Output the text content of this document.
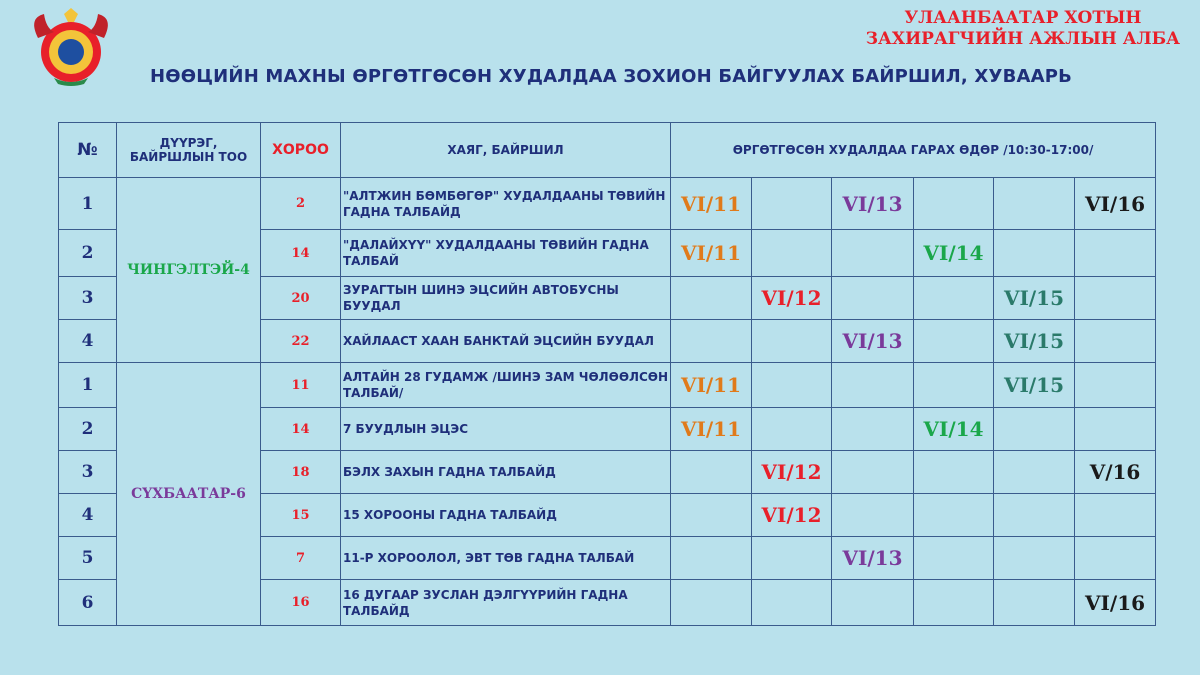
УЛААНБААТАР ХОТЫН
ЗАХИРАГЧИЙН АЖЛЫН АЛБА
НӨӨЦИЙН МАХНЫ ӨРГӨТГӨСӨН ХУДАЛДАА ЗОХИОН БАЙГУУЛАХ БАЙРШИЛ, ХУВААРЬ
№	ДҮҮРЭГ, БАЙРШЛЫН ТОО	ХОРОО	ХАЯГ, БАЙРШИЛ	ӨРГӨТГӨСӨН ХУДАЛДАА ГАРАХ ӨДӨР /10:30-17:00/					
1	ЧИНГЭЛТЭЙ-4	2	"АЛТЖИН БӨМБӨГӨР" ХУДАЛДААНЫ ТӨВИЙН ГАДНА ТАЛБАЙД	VI/11		VI/13			VI/16
2		14	"ДАЛАЙХҮҮ" ХУДАЛДААНЫ ТӨВИЙН ГАДНА ТАЛБАЙ	VI/11			VI/14		
3		20	ЗУРАГТЫН ШИНЭ ЭЦСИЙН АВТОБУСНЫ БУУДАЛ		VI/12			VI/15	
4		22	ХАЙЛААСТ ХААН БАНКТАЙ ЭЦСИЙН БУУДАЛ			VI/13		VI/15	
1	СҮХБААТАР-6	11	АЛТАЙН 28 ГУДАМЖ /ШИНЭ ЗАМ ЧӨЛӨӨЛСӨН ТАЛБАЙ/	VI/11				VI/15	
2		14	7 БУУДЛЫН ЭЦЭС	VI/11			VI/14		
3		18	БЭЛХ ЗАХЫН ГАДНА ТАЛБАЙД		VI/12				V/16
4		15	15 ХОРООНЫ ГАДНА ТАЛБАЙД		VI/12				
5		7	11-Р ХОРООЛОЛ, ЭВТ ТӨВ ГАДНА ТАЛБАЙ			VI/13			
6		16	16 ДУГААР ЗУСЛАН ДЭЛГҮҮРИЙН ГАДНА ТАЛБАЙД						VI/16
